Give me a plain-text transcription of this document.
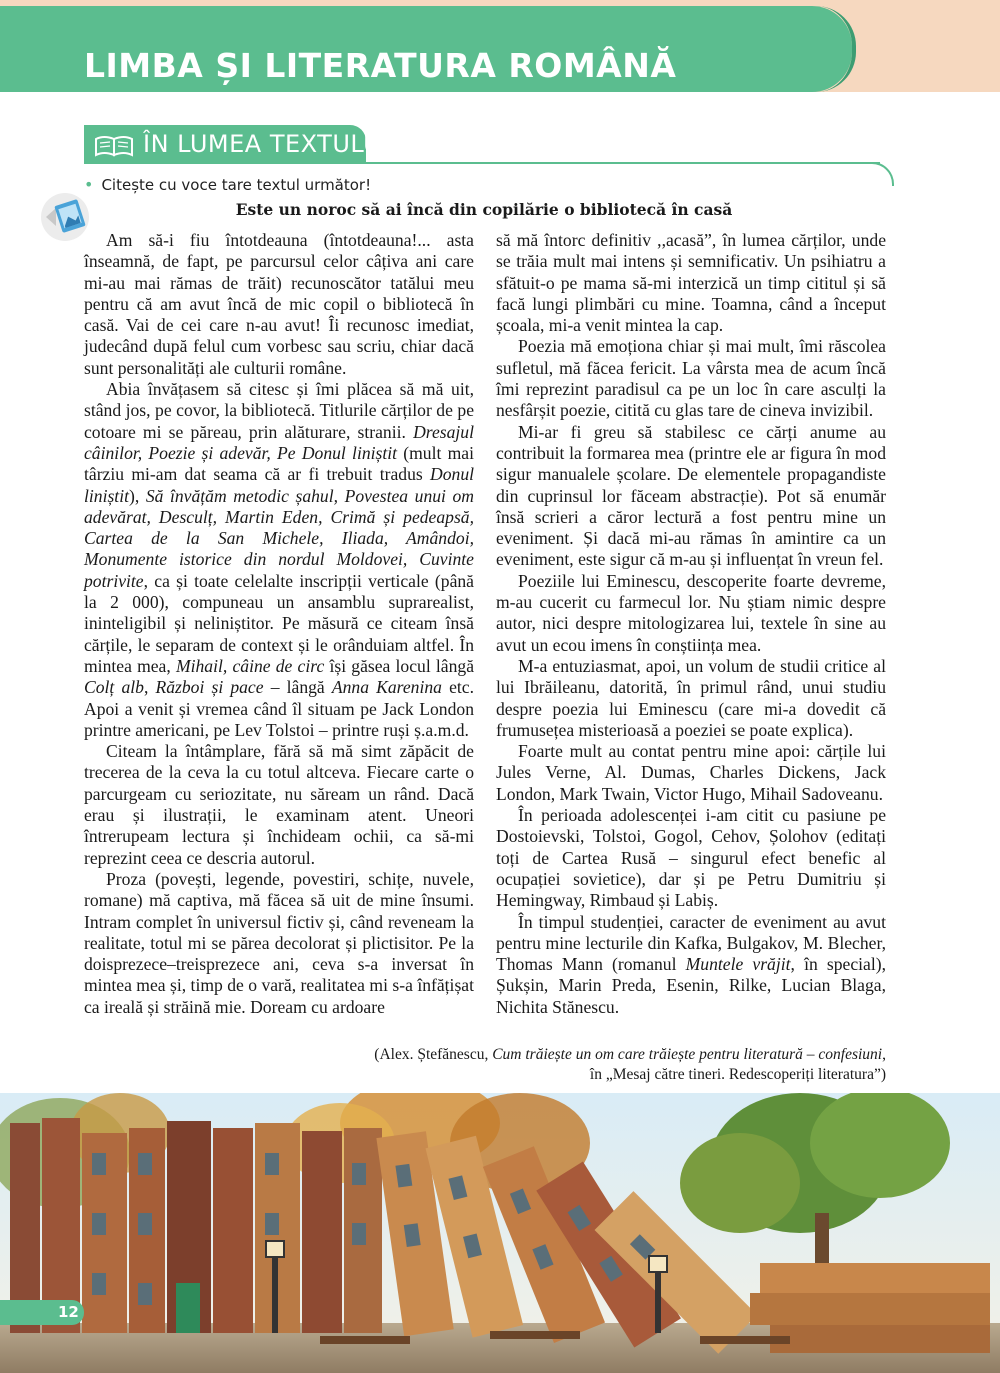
LIMBA ȘI LITERATURA ROMÂNĂ
ÎN LUMEA TEXTULUI
• Citește cu voce tare textul următor!
Este un noroc să ai încă din copilărie o bibliotecă în casă

Am să-i fiu întotdeauna (întotdeauna!... asta înseamnă, de fapt, pe parcursul celor câțiva ani care mi-au mai rămas de trăit) recunoscător tatălui meu pentru că am avut încă de mic copil o bibliotecă în casă. Vai de cei care n-au avut! Îi recunosc imediat, judecând după felul cum vorbesc sau scriu, chiar dacă sunt personalități ale culturii române.

Abia învățasem să citesc și îmi plăcea să mă uit, stând jos, pe covor, la bibliotecă. Titlurile cărților de pe cotoare mi se păreau, prin alăturare, stranii. Dresajul câinilor, Poezie și adevăr, Pe Donul liniștit (mult mai târziu mi-am dat seama că ar fi trebuit tradus Donul liniștit), Să învățăm metodic șahul, Povestea unui om adevărat, Desculț, Martin Eden, Crimă și pedeapsă, Cartea de la San Michele, Iliada, Amândoi, Monumente istorice din nordul Moldovei, Cuvinte potrivite, ca și toate celelalte inscripții verticale (până la 2 000), compuneau un ansamblu suprarealist, ininteligibil și neliniștitor. Pe măsură ce citeam însă cărțile, le separam de context și le orânduiam altfel. În mintea mea, Mihail, câine de circ își găsea locul lângă Colț alb, Război și pace – lângă Anna Karenina etc. Apoi a venit și vremea când îl situam pe Jack London printre americani, pe Lev Tolstoi – printre ruși ș.a.m.d.

Citeam la întâmplare, fără să mă simt zăpăcit de trecerea de la ceva la cu totul altceva. Fiecare carte o parcurgeam cu seriozitate, nu săream un rând. Dacă erau și ilustrații, le examinam atent. Uneori întrerupeam lectura și închideam ochii, ca să-mi reprezint ceea ce descria autorul.

Proza (povești, legende, povestiri, schițe, nuvele, romane) mă captiva, mă făcea să uit de mine însumi. Intram complet în universul fictiv și, când reveneam la realitate, totul mi se părea decolorat și plictisitor. Pe la doisprezece–treisprezece ani, ceva s-a inversat în mintea mea și, timp de o vară, realitatea mi s-a înfățișat ca ireală și străină mie. Doream cu ardoare

să mă întorc definitiv ,,acasă”, în lumea cărților, unde se trăia mult mai intens și semnificativ. Un psihiatru a sfătuit-o pe mama să-mi interzică un timp cititul și să facă lungi plimbări cu mine. Toamna, când a început școala, mi-a venit mintea la cap.

Poezia mă emoționa chiar și mai mult, îmi răscolea sufletul, mă făcea fericit. La vârsta mea de acum încă îmi reprezint paradisul ca pe un loc în care asculți la nesfârșit poezie, citită cu glas tare de cineva invizibil.

Mi-ar fi greu să stabilesc ce cărți anume au contribuit la formarea mea (printre ele ar figura în mod sigur manualele școlare. De elementele propagandiste din cuprinsul lor făceam abstracție). Pot să enumăr însă scrieri a căror lectură a fost pentru mine un eveniment. Și dacă mi-au rămas în amintire ca un eveniment, este sigur că m-au și influențat în vreun fel.

Poeziile lui Eminescu, descoperite foarte devreme, m-au cucerit cu farmecul lor. Nu știam nimic despre autor, nici despre mitologizarea lui, textele în sine au avut un ecou imens în conștiința mea.

M-a entuziasmat, apoi, un volum de studii critice al lui Ibrăileanu, datorită, în primul rând, unui studiu despre poezia lui Eminescu (care mi-a dovedit că frumusețea misterioasă a poeziei se poate explica).

Foarte mult au contat pentru mine apoi: cărțile lui Jules Verne, Al. Dumas, Charles Dickens, Jack London, Mark Twain, Victor Hugo, Mihail Sadoveanu.

În perioada adolescenței i-am citit cu pasiune pe Dostoievski, Tolstoi, Gogol, Cehov, Șolohov (editați toți de Cartea Rusă – singurul efect benefic al ocupației sovietice), dar și pe Petru Dumitriu și Hemingway, Rimbaud și Labiș.

În timpul studenției, caracter de eveniment au avut pentru mine lecturile din Kafka, Bulgakov, M. Blecher, Thomas Mann (romanul Muntele vrăjit, în special), Șukșin, Marin Preda, Esenin, Rilke, Lucian Blaga, Nichita Stănescu.

(Alex. Ștefănescu, Cum trăiește un om care trăiește pentru literatură – confesiuni,
în „Mesaj către tineri. Redescoperiți literatura”)
12
